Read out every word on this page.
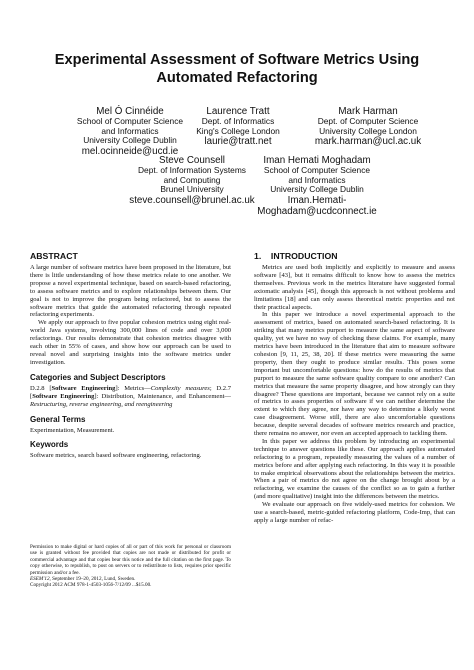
Experimental Assessment of Software Metrics Using
Automated Refactoring
Mel Ó Cinnéide
School of Computer Science
and Informatics
University College Dublin
mel.ocinneide@ucd.ie
Laurence Tratt
Dept. of Informatics
King's College London
laurie@tratt.net
Mark Harman
Dept. of Computer Science
University College London
mark.harman@ucl.ac.uk
Steve Counsell
Dept. of Information Systems
and Computing
Brunel University
steve.counsell@brunel.ac.uk
Iman Hemati Moghadam
School of Computer Science
and Informatics
University College Dublin
Iman.Hemati-
Moghadam@ucdconnect.ie
ABSTRACT

A large number of software metrics have been proposed in the literature, but there is little understanding of how these metrics relate to one another. We propose a novel experimental technique, based on search-based refactoring, to assess software metrics and to explore relationships between them. Our goal is not to improve the program being refactored, but to assess the software metrics that guide the automated refactoring through repeated refactoring experiments.

We apply our approach to five popular cohesion metrics using eight real-world Java systems, involving 300,000 lines of code and over 3,000 refactorings. Our results demonstrate that cohesion metrics disagree with each other in 55% of cases, and show how our approach can be used to reveal novel and surprising insights into the software metrics under investigation.

Categories and Subject Descriptors

D.2.8 [Software Engineering]: Metrics—Complexity measures; D.2.7 [Software Engineering]: Distribution, Maintenance, and Enhancement—Restructuring, reverse engineering, and reengineering

General Terms

Experimentation, Measurement.

Keywords

Software metrics, search based software engineering, refactoring.

Permission to make digital or hard copies of all or part of this work for personal or classroom use is granted without fee provided that copies are not made or distributed for profit or commercial advantage and that copies bear this notice and the full citation on the first page. To copy otherwise, to republish, to post on servers or to redistribute to lists, requires prior specific permission and/or a fee.
ESEM'12, September 19–20, 2012, Lund, Sweden.
Copyright 2012 ACM 978-1-4503-1056-7/12/09 ...$15.00.
1.    INTRODUCTION

Metrics are used both implicitly and explicitly to measure and assess software [43], but it remains difficult to know how to assess the metrics themselves. Previous work in the metrics literature have suggested formal axiomatic analysis [45], though this approach is not without problems and limitations [18] and can only assess theoretical metric properties and not their practical aspects.

In this paper we introduce a novel experimental approach to the assessment of metrics, based on automated search-based refactoring. It is striking that many metrics purport to measure the same aspect of software quality, yet we have no way of checking these claims. For example, many metrics have been introduced in the literature that aim to measure software cohesion [9, 11, 25, 38, 20]. If these metrics were measuring the same property, then they ought to produce similar results. This poses some important but uncomfortable questions: how do the results of metrics that purport to measure the same software quality compare to one another? Can metrics that measure the same property disagree, and how strongly can they disagree? These questions are important, because we cannot rely on a suite of metrics to asses properties of software if we can neither determine the extent to which they agree, nor have any way to determine a likely worst case disagreement. Worse still, there are also uncomfortable questions because, despite several decades of software metrics research and practice, there remains no answer, nor even an accepted approach to tackling them.

In this paper we address this problem by introducing an experimental technique to answer questions like these. Our approach applies automated refactoring to a program, repeatedly measuring the values of a number of metrics before and after applying each refactoring. In this way it is possible to make empirical observations about the relationships between the metrics. When a pair of metrics do not agree on the change brought about by a refactoring, we examine the causes of the conflict so as to gain a further (and more qualitative) insight into the differences between the metrics.

We evaluate our approach on five widely-used metrics for cohesion. We use a search-based, metric-guided refactoring platform, Code-Imp, that can apply a large number of refac-
